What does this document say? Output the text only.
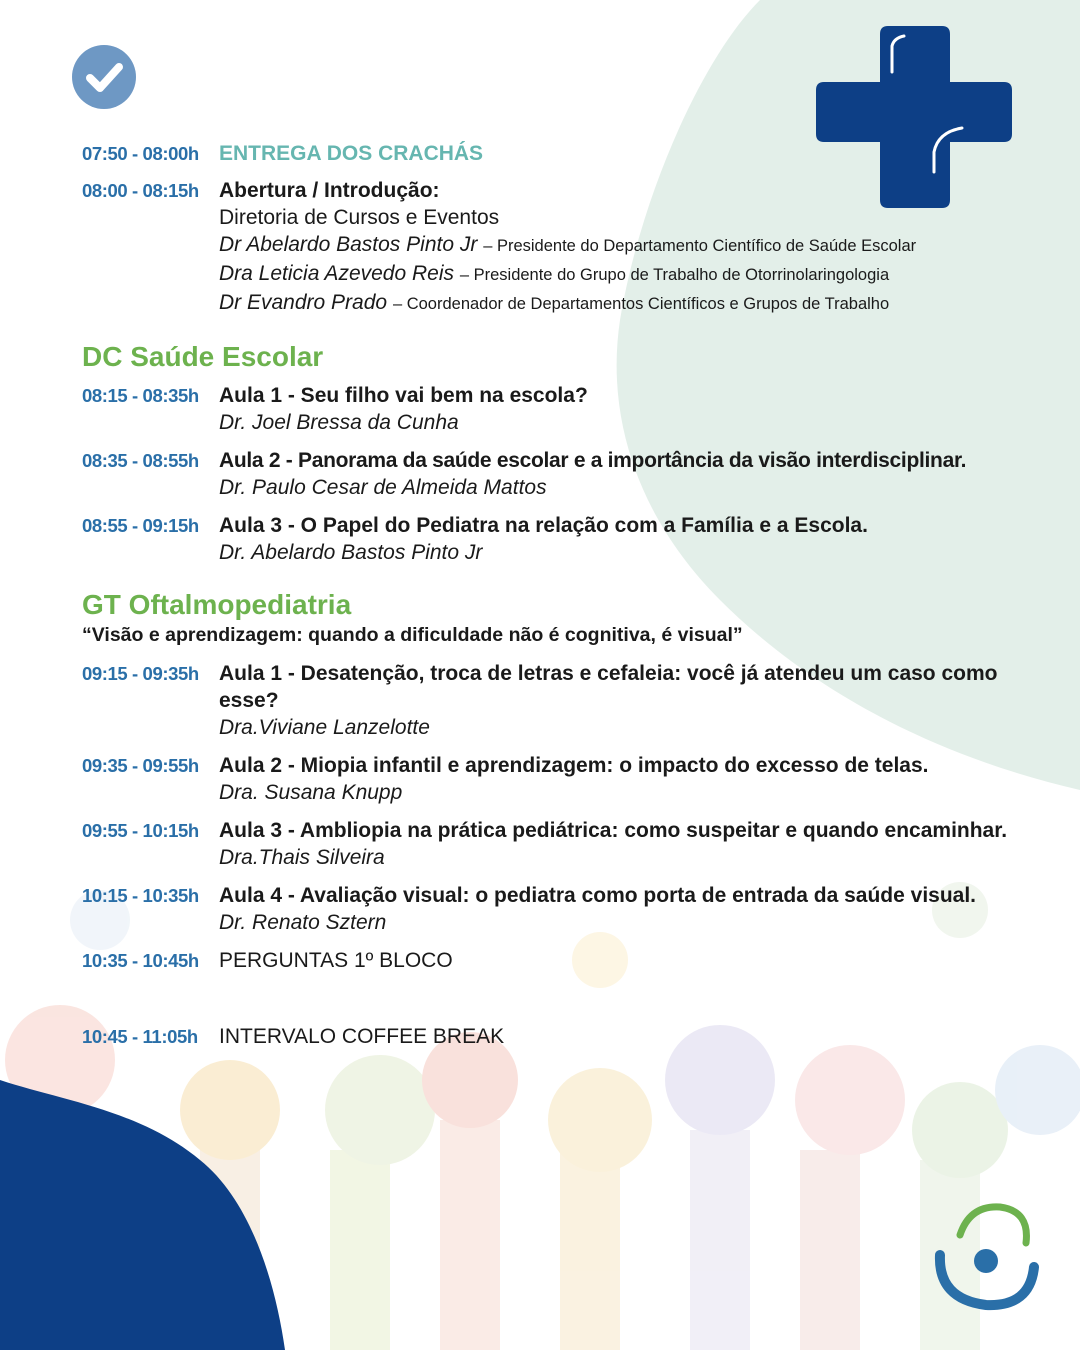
07:50 - 08:00h ENTREGA DOS CRACHÁS
08:00 - 08:15h Abertura / Introdução:
Diretoria de Cursos e Eventos
Dr Abelardo Bastos Pinto Jr – Presidente do Departamento Científico de Saúde Escolar
Dra Leticia Azevedo Reis – Presidente do Grupo de Trabalho de Otorrinolaringologia
Dr Evandro Prado – Coordenador de Departamentos Científicos e Grupos de Trabalho
DC Saúde Escolar
08:15 - 08:35h Aula 1 - Seu filho vai bem na escola?
Dr. Joel Bressa da Cunha
08:35 - 08:55h Aula 2 - Panorama da saúde escolar e a importância da visão interdisciplinar.
Dr. Paulo Cesar de Almeida Mattos
08:55 - 09:15h Aula 3 - O Papel do Pediatra na relação com a Família e a Escola.
Dr. Abelardo Bastos Pinto Jr
GT Oftalmopediatria
“Visão e aprendizagem: quando a dificuldade não é cognitiva, é visual”
09:15 - 09:35h Aula 1 - Desatenção, troca de letras e cefaleia: você já atendeu um caso como esse?
Dra.Viviane Lanzelotte
09:35 - 09:55h Aula 2 - Miopia infantil e aprendizagem: o impacto do excesso de telas.
Dra. Susana Knupp
09:55 - 10:15h Aula 3 - Ambliopia na prática pediátrica: como suspeitar e quando encaminhar.
Dra.Thais Silveira
10:15 - 10:35h Aula 4 - Avaliação visual: o pediatra como porta de entrada da saúde visual.
Dr. Renato Sztern
10:35 - 10:45h PERGUNTAS 1º BLOCO
10:45 - 11:05h	INTERVALO COFFEE BREAK
